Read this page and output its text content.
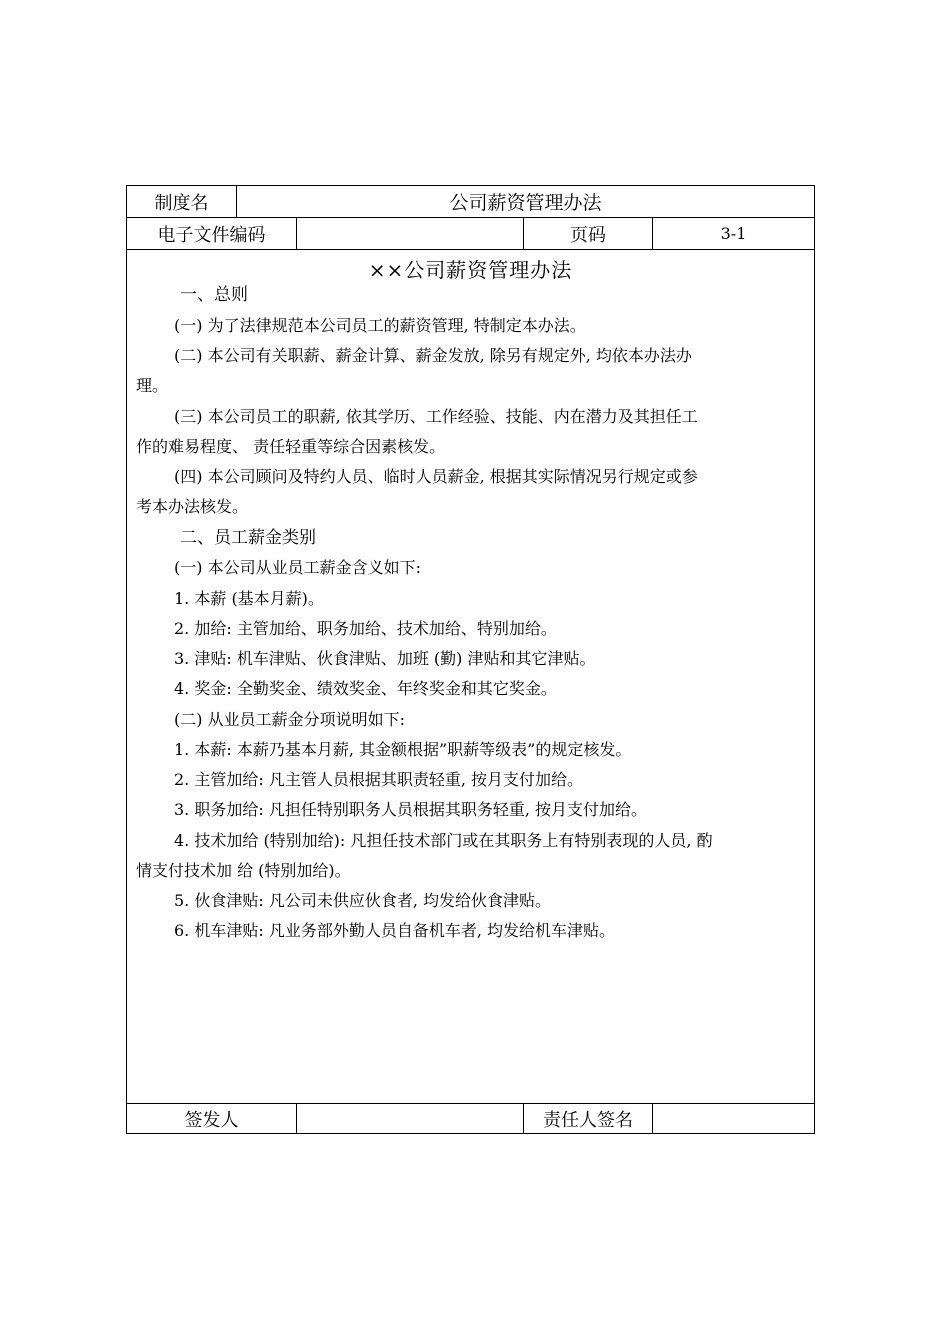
制度名	公司薪资管理办法
电子文件编码	页码	3-1
××公司薪资管理办法
一、总则
(一) 为了法律规范本公司员工的薪资管理, 特制定本办法。
(二) 本公司有关职薪、薪金计算、薪金发放, 除另有规定外, 均依本办法办
理。
(三) 本公司员工的职薪, 依其学历、工作经验、技能、内在潜力及其担任工
作的难易程度、 责任轻重等综合因素核发。
(四) 本公司顾问及特约人员、临时人员薪金, 根据其实际情况另行规定或参
考本办法核发。
二、员工薪金类别
(一) 本公司从业员工薪金含义如下:
1. 本薪 (基本月薪)。
2. 加给: 主管加给、职务加给、技术加给、特别加给。
3. 津贴: 机车津贴、伙食津贴、加班 (勤) 津贴和其它津贴。
4. 奖金: 全勤奖金、绩效奖金、年终奖金和其它奖金。
(二) 从业员工薪金分项说明如下:
1. 本薪: 本薪乃基本月薪, 其金额根据”职薪等级表”的规定核发。
2. 主管加给: 凡主管人员根据其职责轻重, 按月支付加给。
3. 职务加给: 凡担任特别职务人员根据其职务轻重, 按月支付加给。
4. 技术加给 (特别加给): 凡担任技术部门或在其职务上有特别表现的人员, 酌
情支付技术加 给 (特别加给)。
5. 伙食津贴: 凡公司未供应伙食者, 均发给伙食津贴。
6. 机车津贴: 凡业务部外勤人员自备机车者, 均发给机车津贴。
签发人	责任人签名
